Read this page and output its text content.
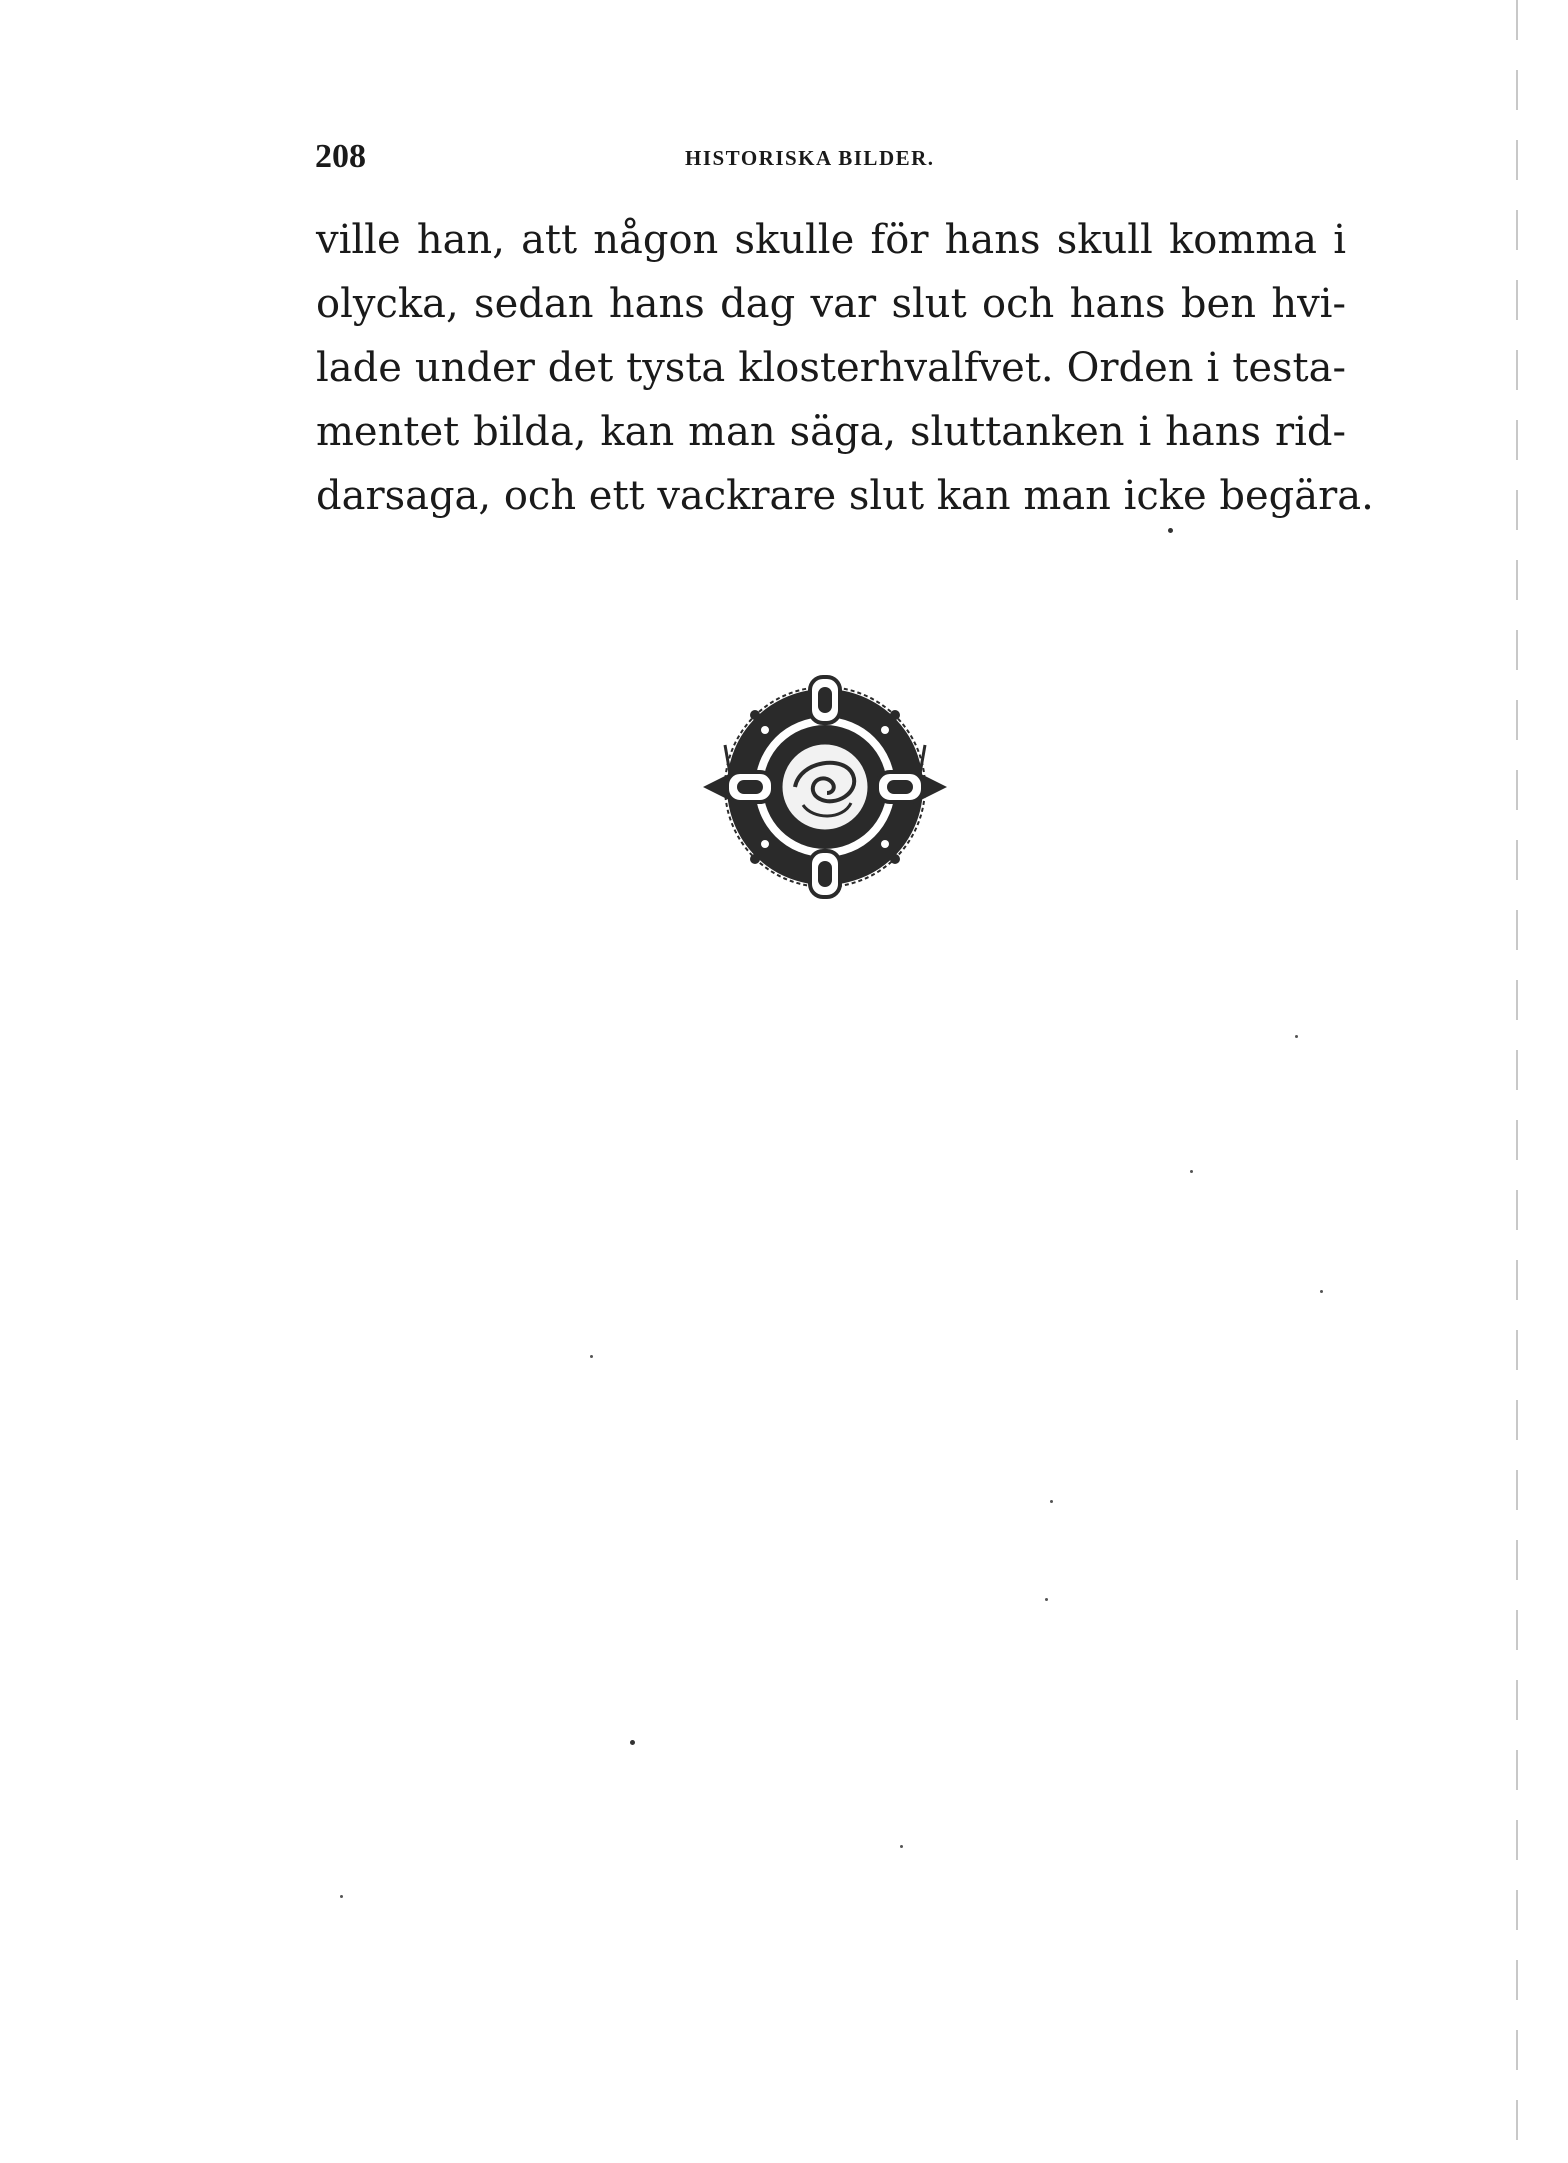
208	HISTORISKA BILDER.
ville han, att någon skulle för hans skull komma i
olycka, sedan hans dag var slut och hans ben hvi-
lade under det tysta klosterhvalfvet. Orden i testa-
mentet bilda, kan man säga, sluttanken i hans rid-
darsaga, och ett vackrare slut kan man icke begära.
